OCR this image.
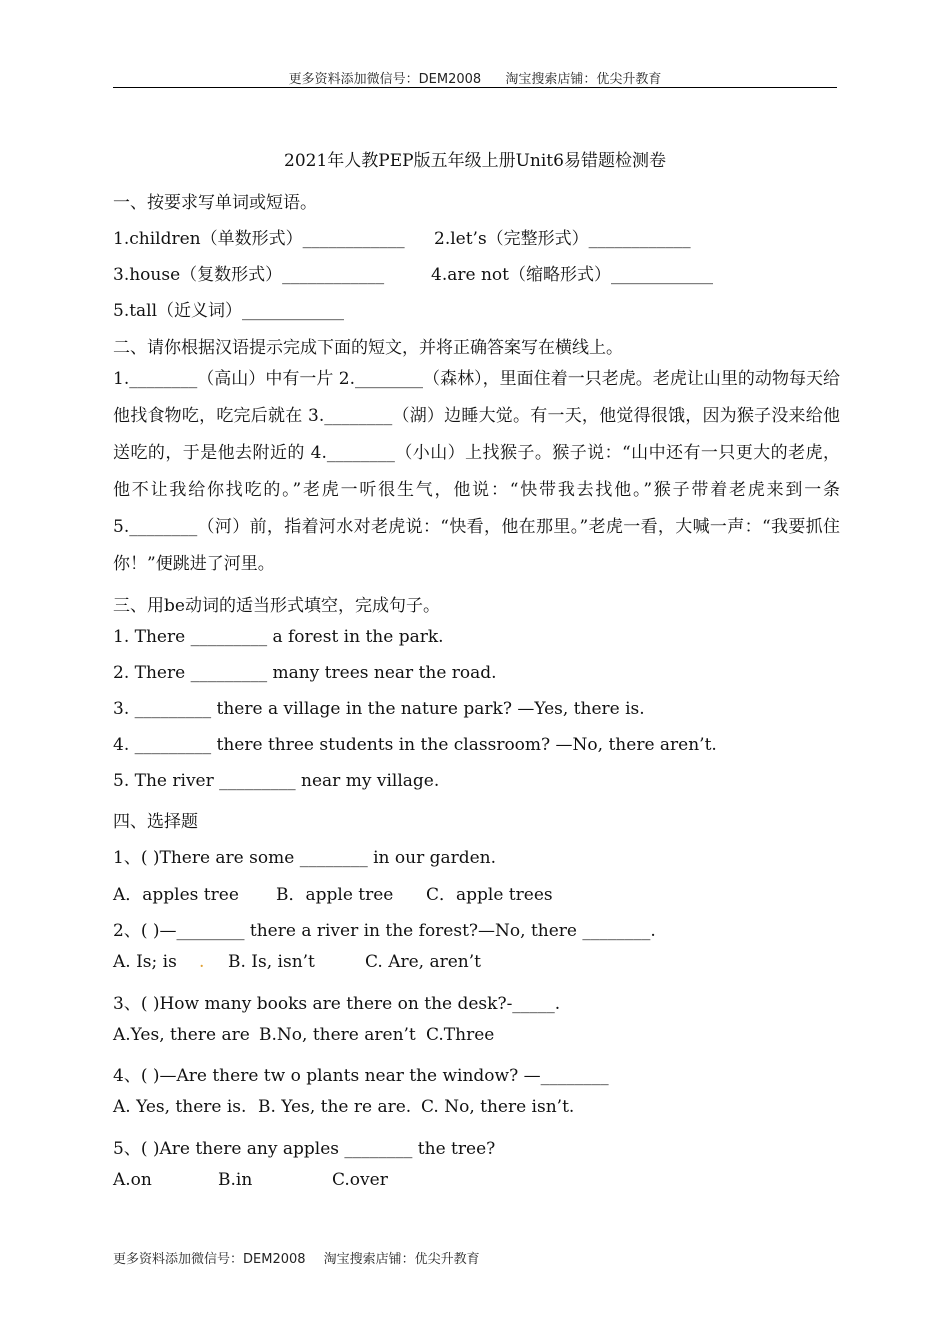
更多资料添加微信号：DEM2008 淘宝搜索店铺：优尖升教育
2021年人教PEP版五年级上册Unit6易错题检测卷
一、按要求写单词或短语。
1.children（单数形式）____________ 2.let’s（完整形式）____________
3.house（复数形式）____________	4.are not（缩略形式）____________
5.tall（近义词）____________
二、请你根据汉语提示完成下面的短文，并将正确答案写在横线上。
1.________（高山）中有一片 2.________（森林），里面住着一只老虎。老虎让山里的动物每天给他找食物吃，吃完后就在 3.________（湖）边睡大觉。有一天，他觉得很饿，因为猴子没来给他送吃的，于是他去附近的 4.________（小山）上找猴子。猴子说：“山中还有一只更大的老虎，他不让我给你找吃的。”老虎一听很生气，他说：“快带我去找他。”猴子带着老虎来到一条 5.________（河）前，指着河水对老虎说：“快看，他在那里。”老虎一看，大喊一声：“我要抓住你！”便跳进了河里。
三、用be动词的适当形式填空，完成句子。
1. There _________ a forest in the park.
2. There _________ many trees near the road.
3. _________ there a village in the nature park? —Yes, there is.
4. _________ there three students in the classroom? —No, there aren’t.
5. The river _________ near my village.
四、选择题
1、( )There are some ________ in our garden.
A．apples tree B．apple tree C．apple trees
2、( )—________ there a river in the forest?—No, there ________.
A. Is; is . B. Is, isn’t	C. Are, aren’t
3、( )How many books are there on the desk?-_____.
A.Yes, there are B.No, there aren’t C.Three
4、( )—Are there tw o plants near the window? —________
A. Yes, there is. B. Yes, the re are. C. No, there isn’t.
5、( )Are there any apples ________ the tree?
A.on	B.in	C.over
更多资料添加微信号：DEM2008 淘宝搜索店铺：优尖升教育
